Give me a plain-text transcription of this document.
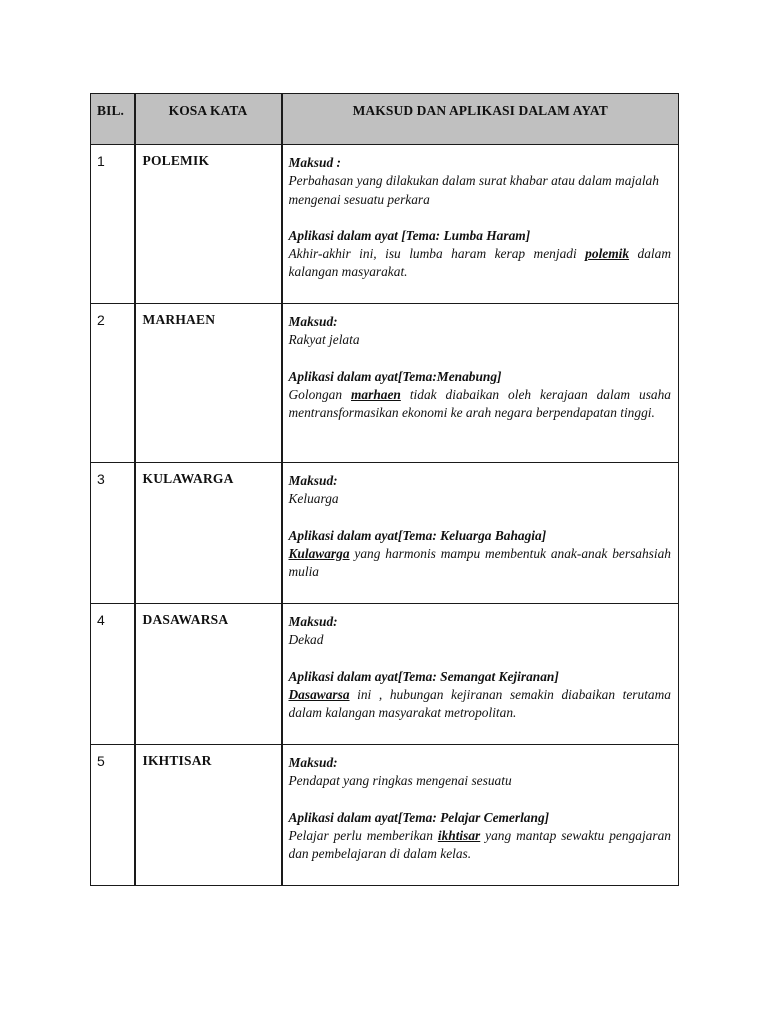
BIL.	KOSA KATA	MAKSUD DAN APLIKASI DALAM AYAT
1	POLEMIK	Maksud :
Perbahasan yang dilakukan dalam surat khabar atau dalam majalah mengenai sesuatu perkara
Aplikasi dalam ayat [Tema: Lumba Haram]
Akhir-akhir ini, isu lumba haram kerap menjadi polemik dalam kalangan masyarakat.

2	MARHAEN	Maksud:
Rakyat jelata
Aplikasi dalam ayat[Tema:Menabung]
Golongan marhaen tidak diabaikan oleh kerajaan dalam usaha mentransformasikan ekonomi ke arah negara berpendapatan tinggi.

3	KULAWARGA	Maksud:
Keluarga
Aplikasi dalam ayat[Tema: Keluarga Bahagia]
Kulawarga yang harmonis mampu membentuk anak-anak bersahsiah mulia

4	DASAWARSA	Maksud:
Dekad
Aplikasi dalam ayat[Tema: Semangat Kejiranan]
Dasawarsa ini , hubungan kejiranan semakin diabaikan terutama dalam kalangan masyarakat metropolitan.

5	IKHTISAR	Maksud:
Pendapat yang ringkas mengenai sesuatu
Aplikasi dalam ayat[Tema: Pelajar Cemerlang]
Pelajar perlu memberikan ikhtisar yang mantap sewaktu pengajaran dan pembelajaran di dalam kelas.
